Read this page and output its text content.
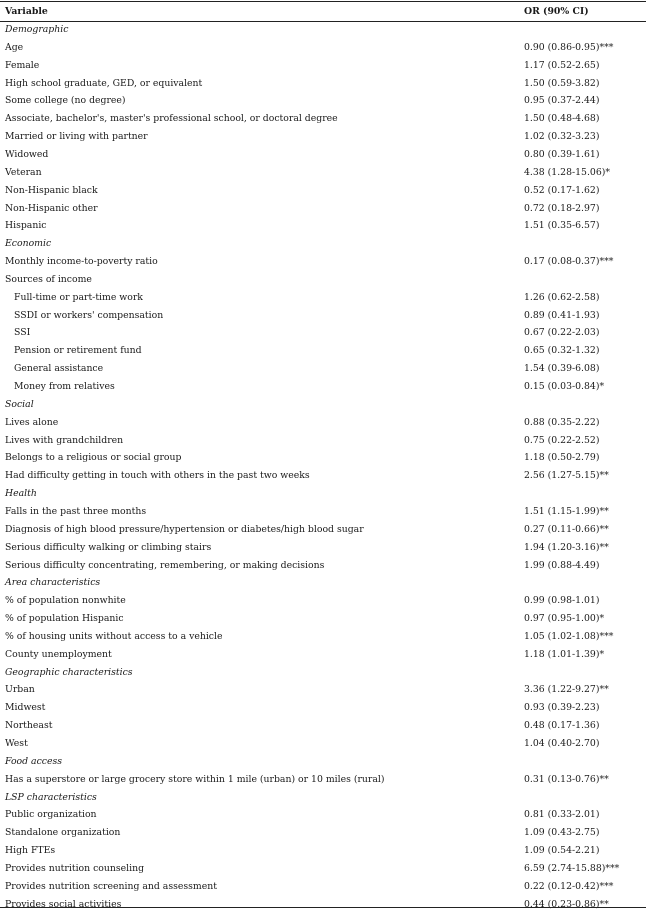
Variable	OR (90% CI)
Demographic
Age	0.90 (0.86-0.95)***
Female	1.17 (0.52-2.65)
High school graduate, GED, or equivalent	1.50 (0.59-3.82)
Some college (no degree)	0.95 (0.37-2.44)
Associate, bachelor's, master's professional school, or doctoral degree	1.50 (0.48-4.68)
Married or living with partner	1.02 (0.32-3.23)
Widowed	0.80 (0.39-1.61)
Veteran	4.38 (1.28-15.06)*
Non-Hispanic black	0.52 (0.17-1.62)
Non-Hispanic other	0.72 (0.18-2.97)
Hispanic	1.51 (0.35-6.57)
Economic
Monthly income-to-poverty ratio	0.17 (0.08-0.37)***
Sources of income
Full-time or part-time work	1.26 (0.62-2.58)
SSDI or workers' compensation	0.89 (0.41-1.93)
SSI	0.67 (0.22-2.03)
Pension or retirement fund	0.65 (0.32-1.32)
General assistance	1.54 (0.39-6.08)
Money from relatives	0.15 (0.03-0.84)*
Social
Lives alone	0.88 (0.35-2.22)
Lives with grandchildren	0.75 (0.22-2.52)
Belongs to a religious or social group	1.18 (0.50-2.79)
Had difficulty getting in touch with others in the past two weeks	2.56 (1.27-5.15)**
Health
Falls in the past three months	1.51 (1.15-1.99)**
Diagnosis of high blood pressure/hypertension or diabetes/high blood sugar	0.27 (0.11-0.66)**
Serious difficulty walking or climbing stairs	1.94 (1.20-3.16)**
Serious difficulty concentrating, remembering, or making decisions	1.99 (0.88-4.49)
Area characteristics
% of population nonwhite	0.99 (0.98-1.01)
% of population Hispanic	0.97 (0.95-1.00)*
% of housing units without access to a vehicle	1.05 (1.02-1.08)***
County unemployment	1.18 (1.01-1.39)*
Geographic characteristics
Urban	3.36 (1.22-9.27)**
Midwest	0.93 (0.39-2.23)
Northeast	0.48 (0.17-1.36)
West	1.04 (0.40-2.70)
Food access
Has a superstore or large grocery store within 1 mile (urban) or 10 miles (rural)	0.31 (0.13-0.76)**
LSP characteristics
Public organization	0.81 (0.33-2.01)
Standalone organization	1.09 (0.43-2.75)
High FTEs	1.09 (0.54-2.21)
Provides nutrition counseling	6.59 (2.74-15.88)***
Provides nutrition screening and assessment	0.22 (0.12-0.42)***
Provides social activities	0.44 (0.23-0.86)**
